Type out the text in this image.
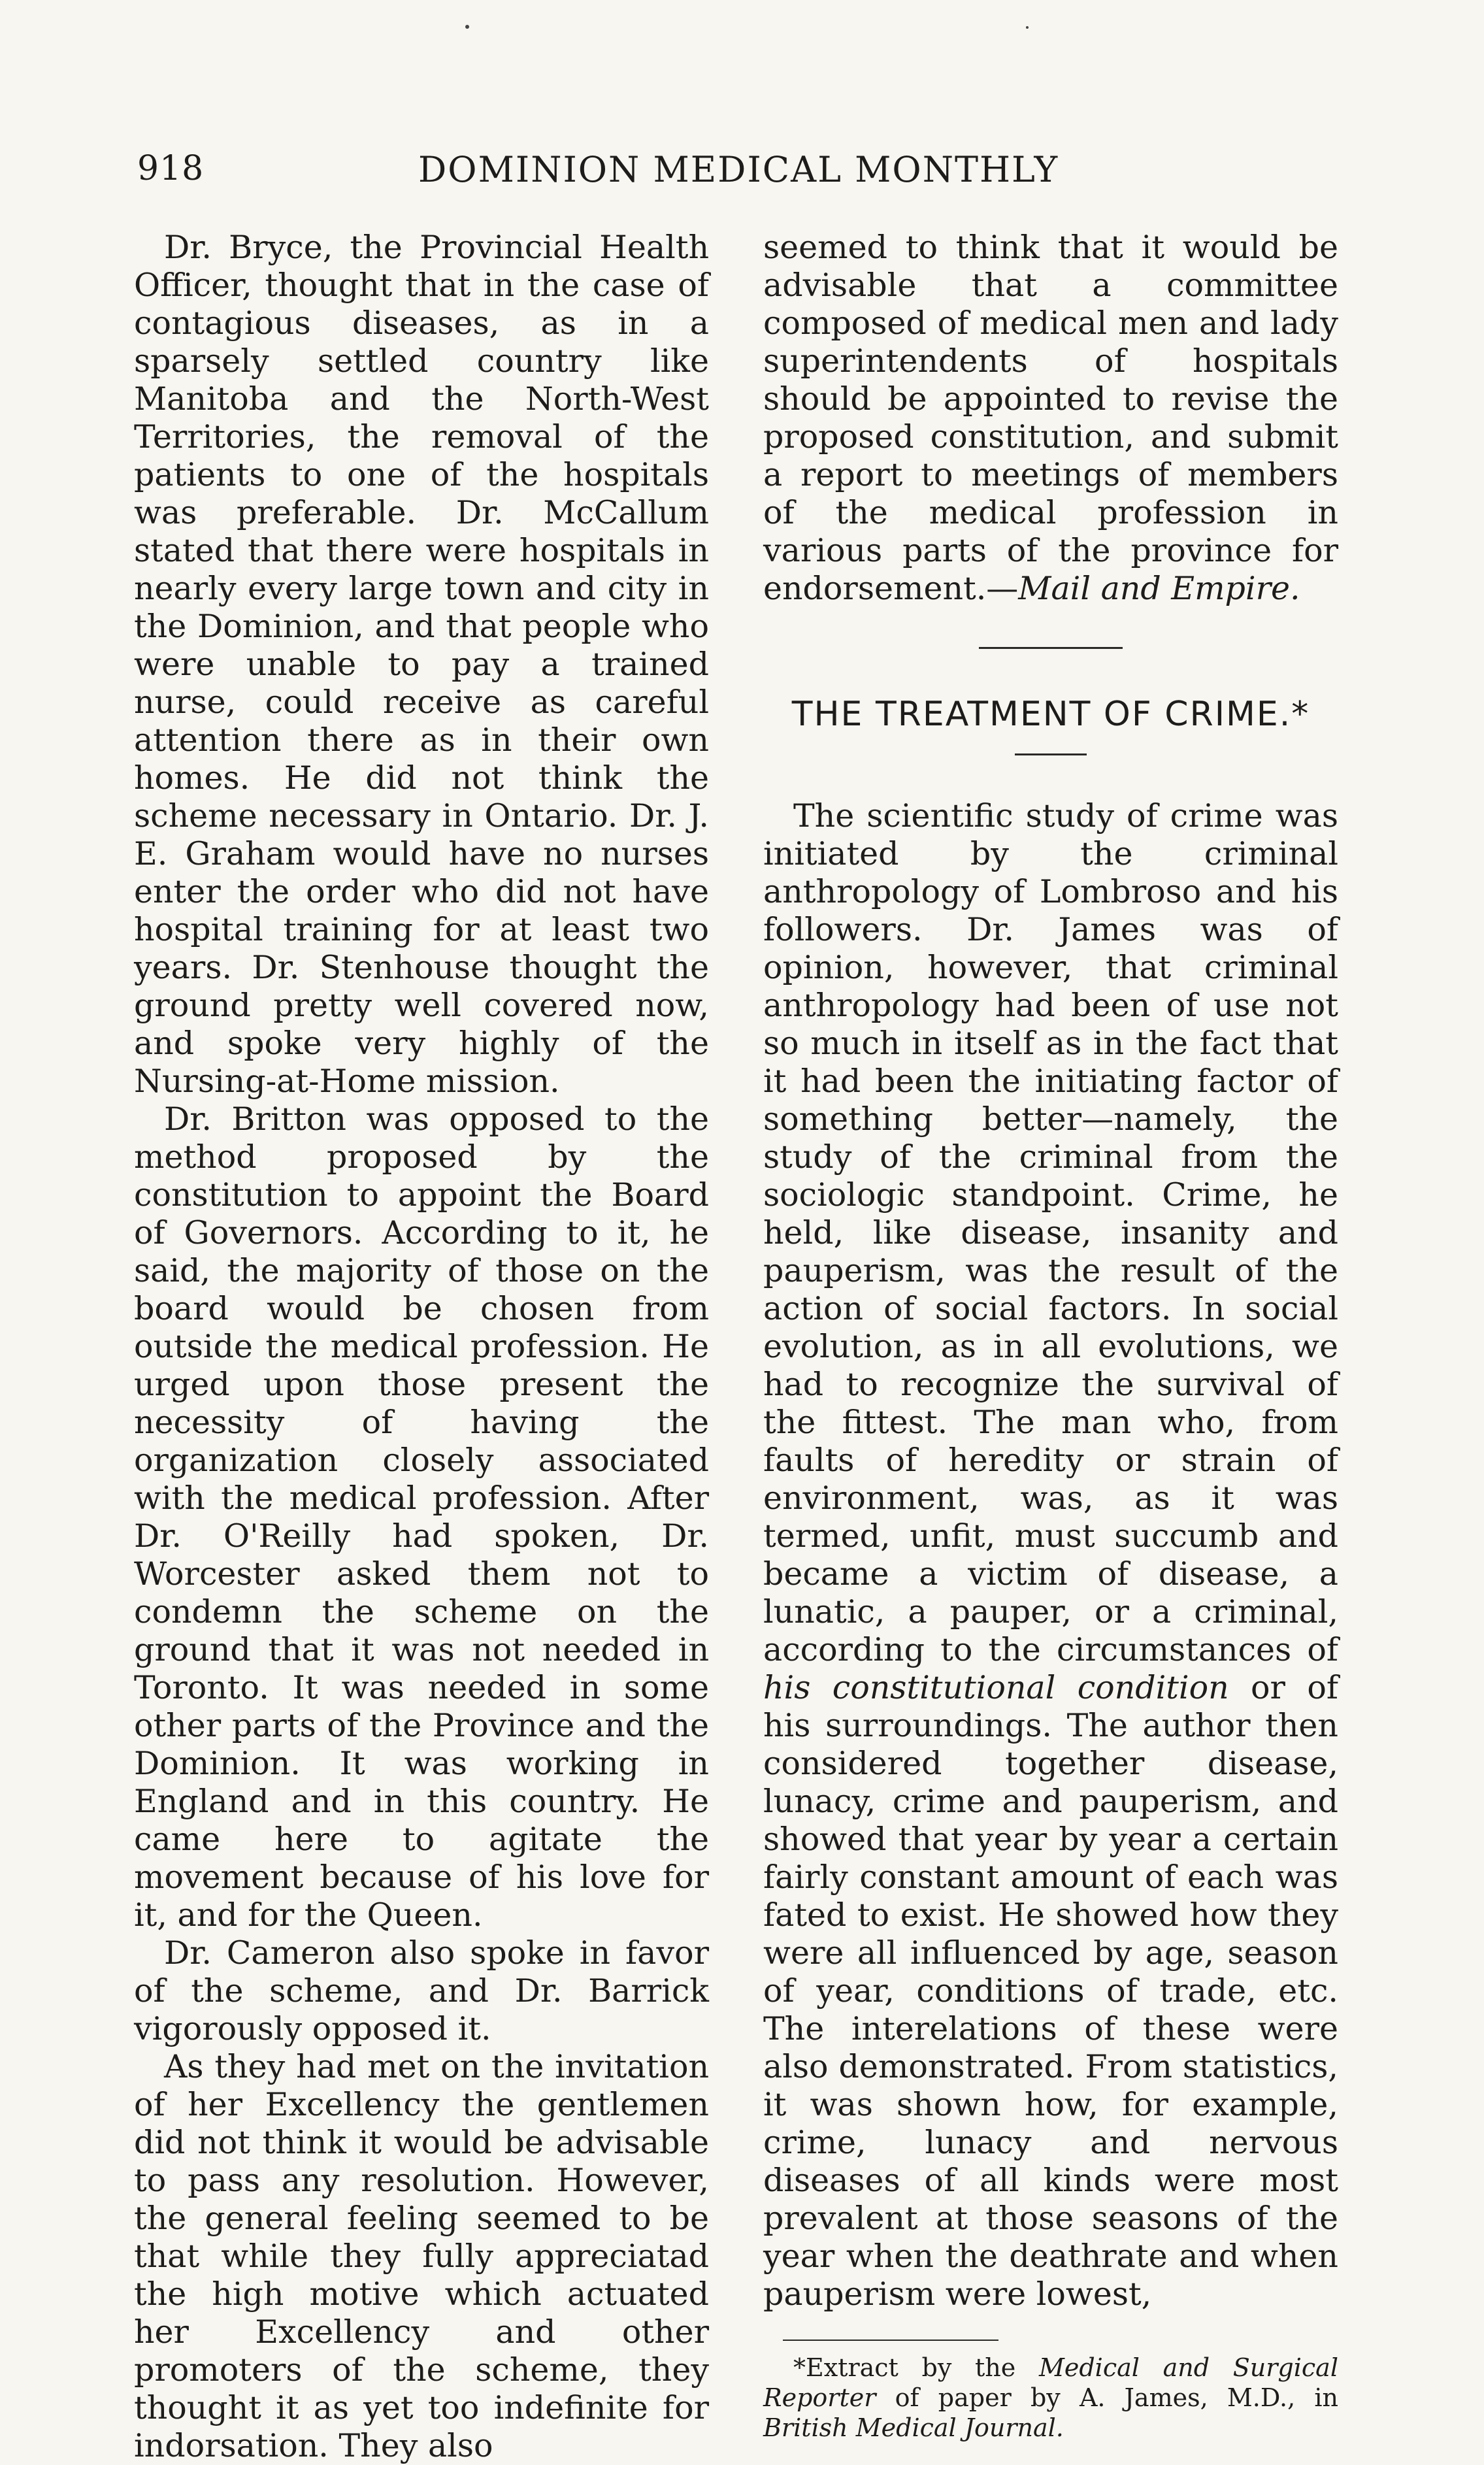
918	DOMINION MEDICAL MONTHLY

Dr. Bryce, the Provincial Health Officer, thought that in the case of contagious diseases, as in a sparsely settled country like Manitoba and the North-West Territories, the removal of the patients to one of the hospitals was preferable. Dr. McCallum stated that there were hospitals in nearly every large town and city in the Dominion, and that people who were unable to pay a trained nurse, could receive as careful attention there as in their own homes. He did not think the scheme necessary in Ontario. Dr. J. E. Graham would have no nurses enter the order who did not have hospital training for at least two years. Dr. Stenhouse thought the ground pretty well covered now, and spoke very highly of the Nursing-at-Home mission.

Dr. Britton was opposed to the method proposed by the constitution to appoint the Board of Governors. According to it, he said, the majority of those on the board would be chosen from outside the medical profession. He urged upon those present the necessity of having the organization closely associated with the medical profession. After Dr. O'Reilly had spoken, Dr. Worcester asked them not to condemn the scheme on the ground that it was not needed in Toronto. It was needed in some other parts of the Province and the Dominion. It was working in England and in this country. He came here to agitate the movement because of his love for it, and for the Queen.

Dr. Cameron also spoke in favor of the scheme, and Dr. Barrick vigorously opposed it.

As they had met on the invitation of her Excellency the gentlemen did not think it would be advisable to pass any resolution. However, the general feeling seemed to be that while they fully appreciatad the high motive which actuated her Excellency and other promoters of the scheme, they thought it as yet too indefinite for indorsation. They also

seemed to think that it would be advisable that a committee composed of medical men and lady superintendents of hospitals should be appointed to revise the proposed constitution, and submit a report to meetings of members of the medical profession in various parts of the province for endorsement.—Mail and Empire.

THE TREATMENT OF CRIME.*

The scientific study of crime was initiated by the criminal anthropology of Lombroso and his followers. Dr. James was of opinion, however, that criminal anthropology had been of use not so much in itself as in the fact that it had been the initiating factor of something better—namely, the study of the criminal from the sociologic standpoint. Crime, he held, like disease, insanity and pauperism, was the result of the action of social factors. In social evolution, as in all evolutions, we had to recognize the survival of the fittest. The man who, from faults of heredity or strain of environment, was, as it was termed, unfit, must succumb and became a victim of disease, a lunatic, a pauper, or a criminal, according to the circumstances of his constitutional condition or of his surroundings. The author then considered together disease, lunacy, crime and pauperism, and showed that year by year a certain fairly constant amount of each was fated to exist. He showed how they were all influenced by age, season of year, conditions of trade, etc. The interelations of these were also demonstrated. From statistics, it was shown how, for example, crime, lunacy and nervous diseases of all kinds were most prevalent at those seasons of the year when the deathrate and when pauperism were lowest,

*Extract by the Medical and Surgical Reporter of paper by A. James, M.D., in British Medical Journal.
